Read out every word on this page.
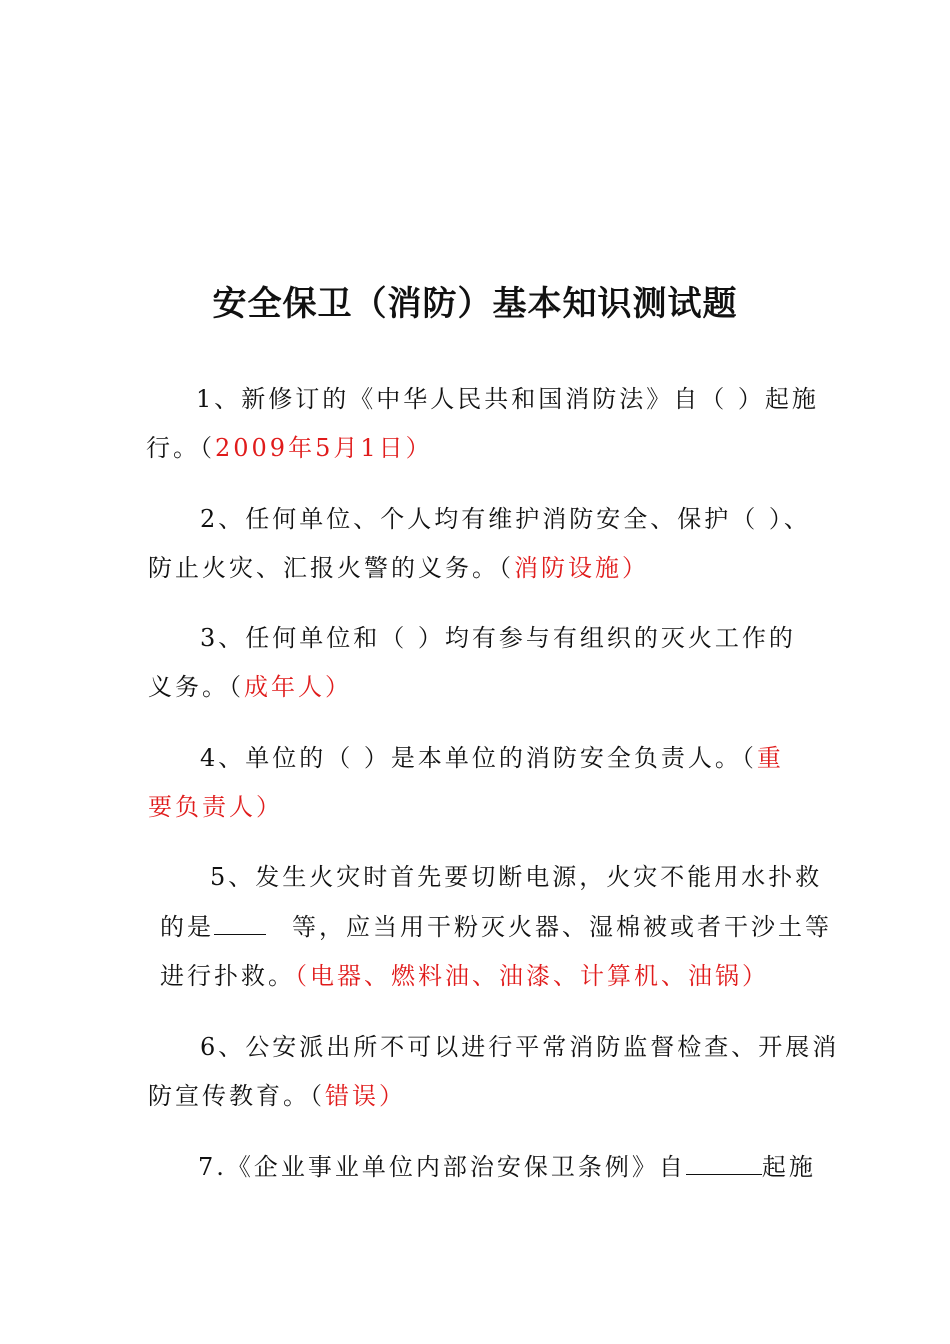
安全保卫（消防）基本知识测试题

1、新修订的《中华人民共和国消防法》自（ ）起施

行。（2009年5月1日）

2、任何单位、个人均有维护消防安全、保护（ ）、

防止火灾、汇报火警的义务。（消防设施）

3、任何单位和（ ）均有参与有组织的灭火工作的

义务。（成年人）

4、单位的（ ）是本单位的消防安全负责人。（重

要负责人）

5、发生火灾时首先要切断电源，火灾不能用水扑救

的是	等，应当用干粉灭火器、湿棉被或者干沙土等

进行扑救。（电器、燃料油、油漆、计算机、油锅）

6、公安派出所不可以进行平常消防监督检查、开展消

防宣传教育。（错误）

7.《企业事业单位内部治安保卫条例》自	起施
